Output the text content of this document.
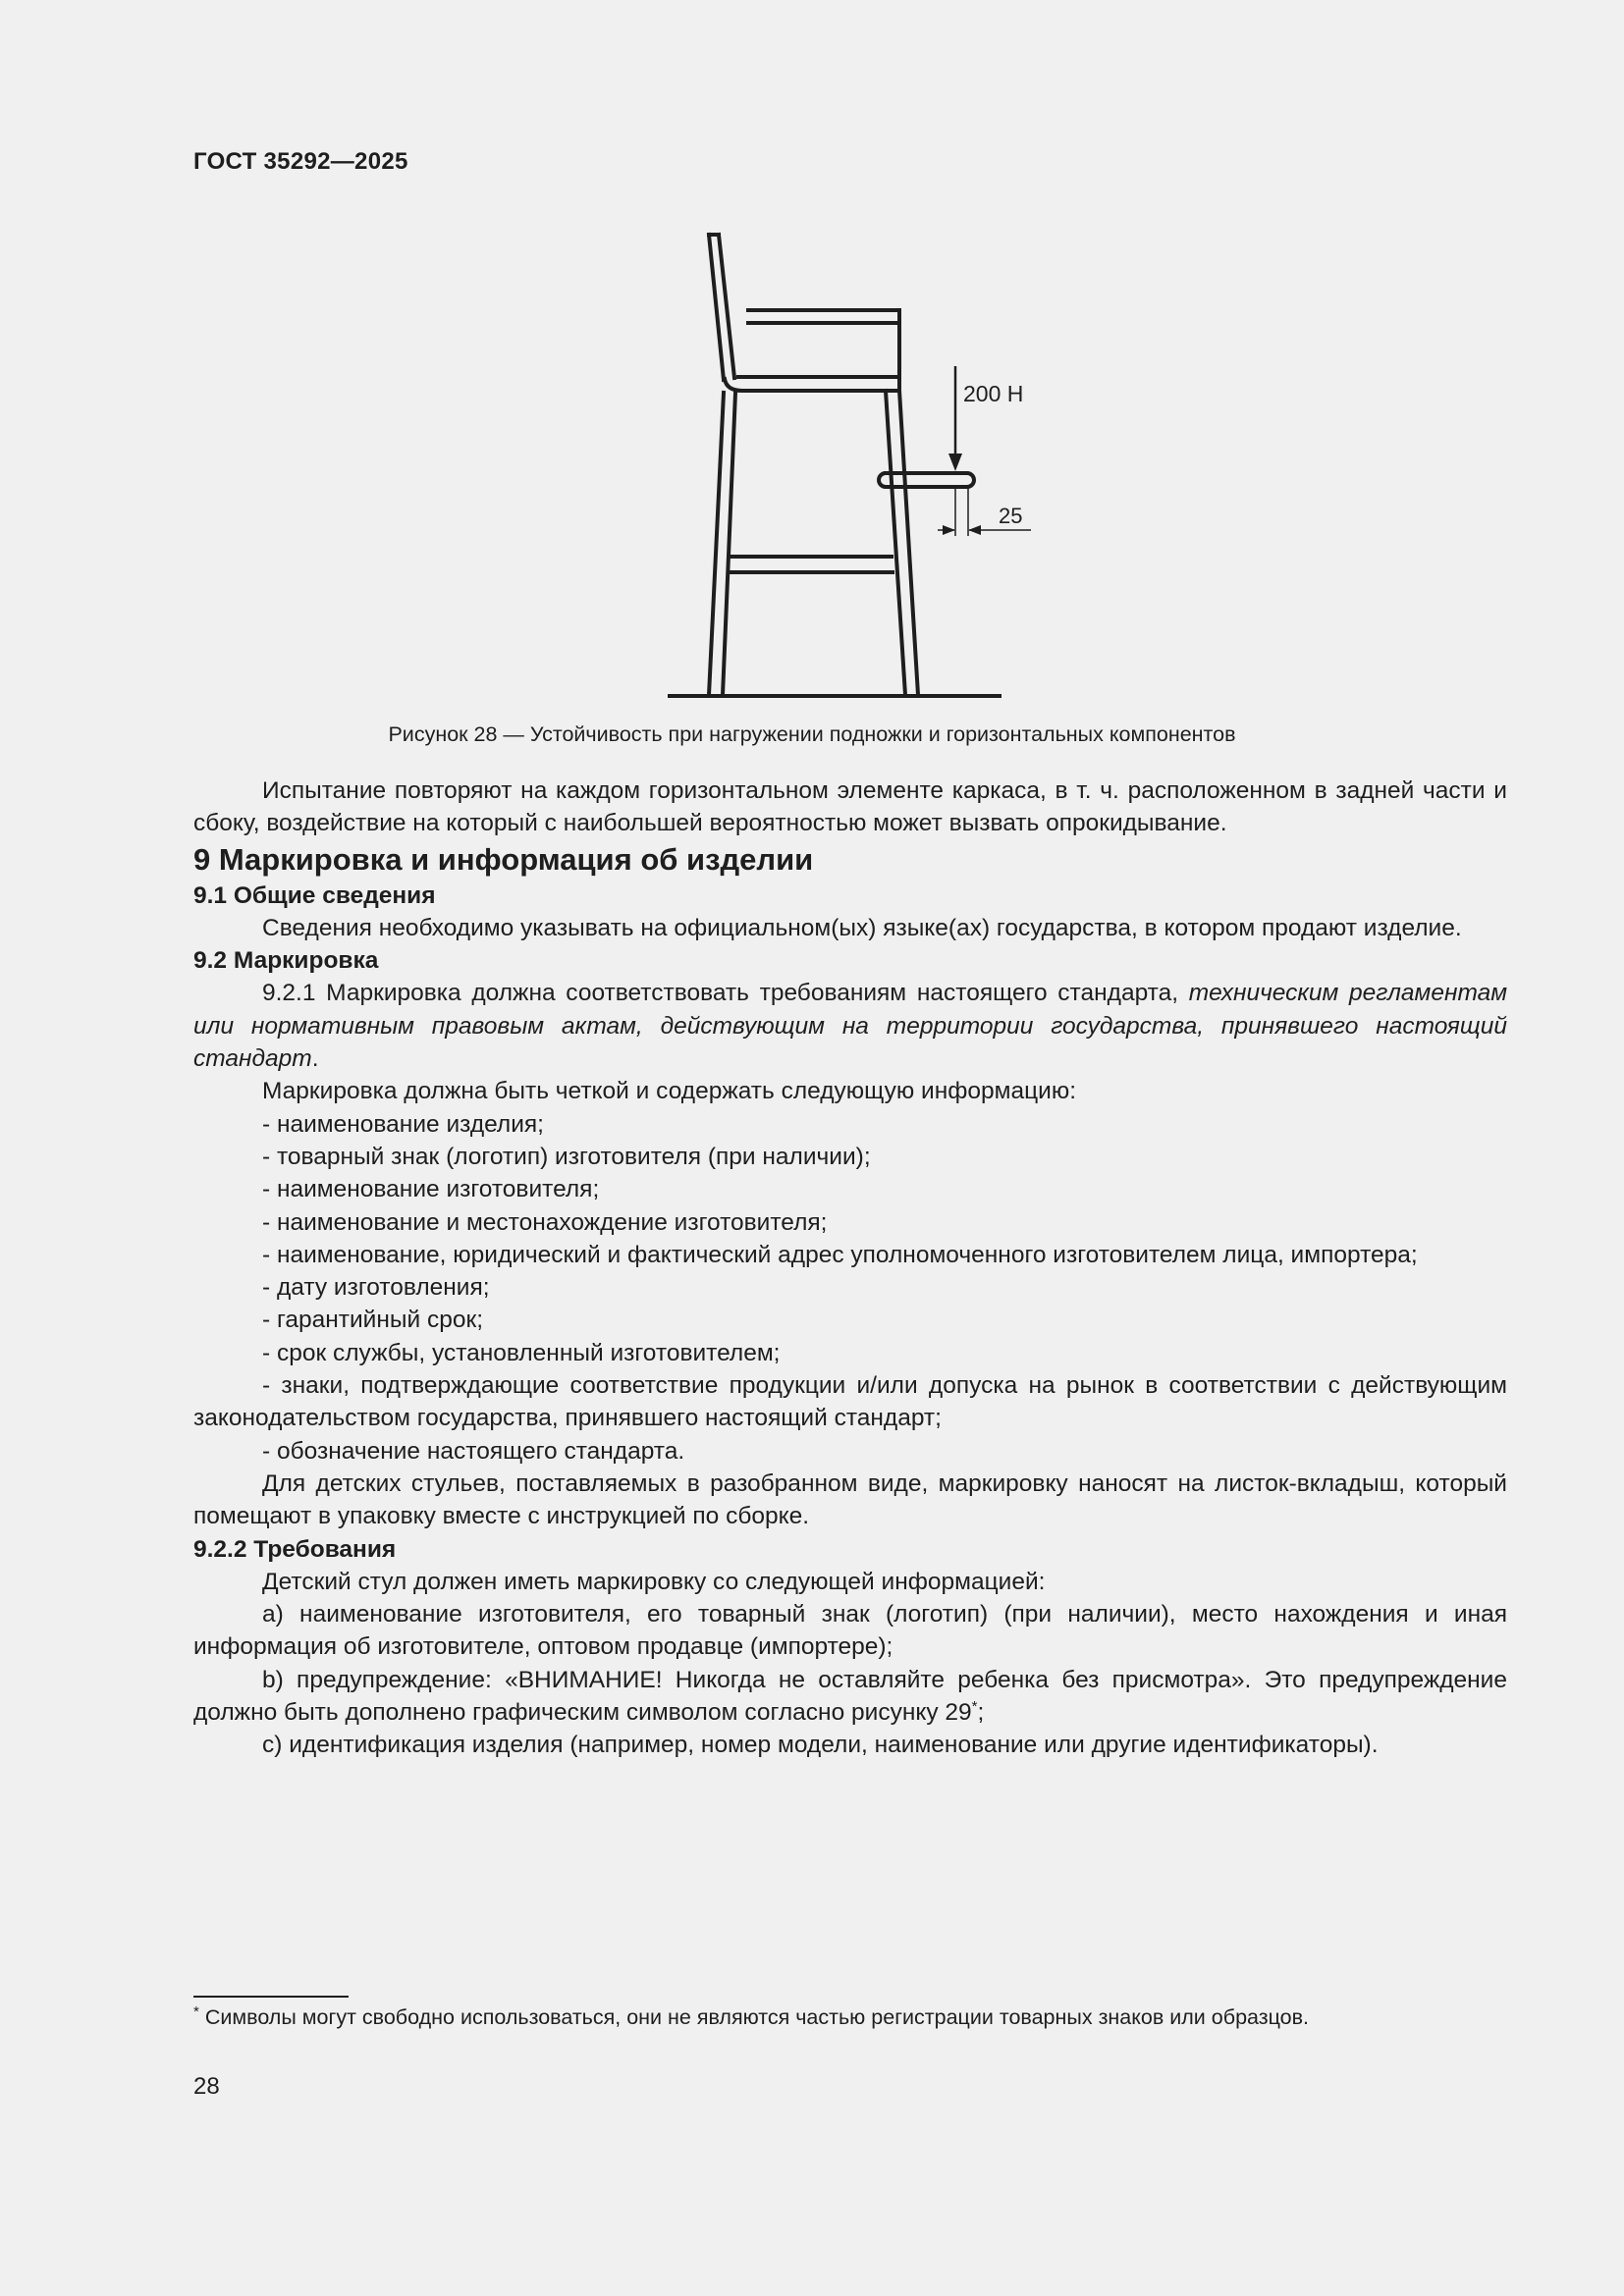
ГОСТ 35292—2025
200 Н
25
Рисунок 28 — Устойчивость при нагружении подножки и горизонтальных компонентов

Испытание повторяют на каждом горизонтальном элементе каркаса, в т. ч. расположенном в задней части и сбоку, воздействие на который с наибольшей вероятностью может вызвать опрокидывание.

9 Маркировка и информация об изделии

9.1 Общие сведения

Сведения необходимо указывать на официальном(ых) языке(ах) государства, в котором продают изделие.

9.2 Маркировка

9.2.1 Маркировка должна соответствовать требованиям настоящего стандарта, техническим регламентам или нормативным правовым актам, действующим на территории государства, принявшего настоящий стандарт.

Маркировка должна быть четкой и содержать следующую информацию:

- наименование изделия;

- товарный знак (логотип) изготовителя (при наличии);

- наименование изготовителя;

- наименование и местонахождение изготовителя;

- наименование, юридический и фактический адрес уполномоченного изготовителем лица, импортера;

- дату изготовления;

- гарантийный срок;

- срок службы, установленный изготовителем;

- знаки, подтверждающие соответствие продукции и/или допуска на рынок в соответствии с действующим законодательством государства, принявшего настоящий стандарт;

- обозначение настоящего стандарта.

Для детских стульев, поставляемых в разобранном виде, маркировку наносят на листок-вкладыш, который помещают в упаковку вместе с инструкцией по сборке.

9.2.2 Требования

Детский стул должен иметь маркировку со следующей информацией:

a) наименование изготовителя, его товарный знак (логотип) (при наличии), место нахождения и иная информация об изготовителе, оптовом продавце (импортере);

b) предупреждение: «ВНИМАНИЕ! Никогда не оставляйте ребенка без присмотра». Это предупреждение должно быть дополнено графическим символом согласно рисунку 29*;

c) идентификация изделия (например, номер модели, наименование или другие идентификаторы).

* Символы могут свободно использоваться, они не являются частью регистрации товарных знаков или образцов.
28
